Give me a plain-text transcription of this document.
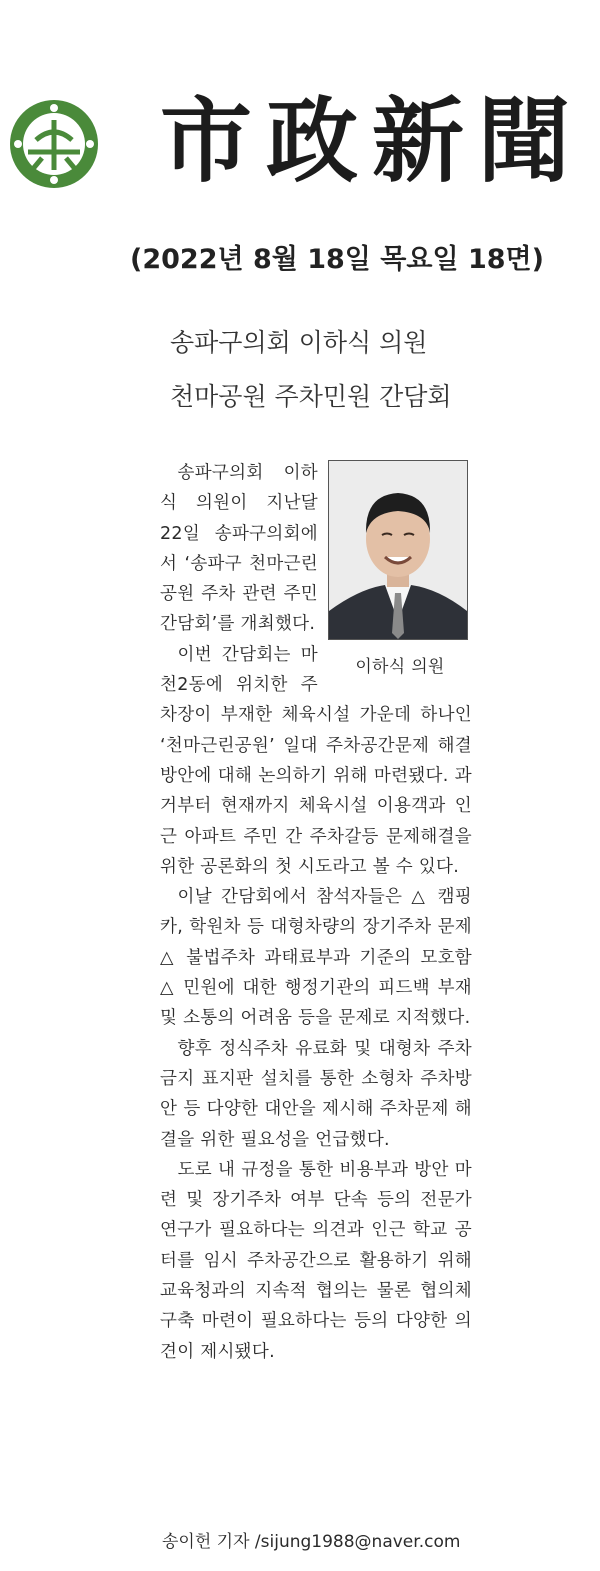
市政新聞
(2022년 8월 18일 목요일 18면)
송파구의회 이하식 의원
천마공원 주차민원 간담회
이하식 의원

송파구의회 이하식 의원이 지난달 22일 송파구의회에서 ‘송파구 천마근린공원 주차 관련 주민간담회’를 개최했다.

이번 간담회는 마천2동에 위치한 주차장이 부재한 체육시설 가운데 하나인 ‘천마근린공원’ 일대 주차공간문제 해결방안에 대해 논의하기 위해 마련됐다. 과거부터 현재까지 체육시설 이용객과 인근 아파트 주민 간 주차갈등 문제해결을 위한 공론화의 첫 시도라고 볼 수 있다.

이날 간담회에서 참석자들은 △ 캠핑카, 학원차 등 대형차량의 장기주차 문제 △ 불법주차 과태료부과 기준의 모호함 △ 민원에 대한 행정기관의 피드백 부재 및 소통의 어려움 등을 문제로 지적했다.

향후 정식주차 유료화 및 대형차 주차금지 표지판 설치를 통한 소형차 주차방안 등 다양한 대안을 제시해 주차문제 해결을 위한 필요성을 언급했다.

도로 내 규정을 통한 비용부과 방안 마련 및 장기주차 여부 단속 등의 전문가 연구가 필요하다는 의견과 인근 학교 공터를 임시 주차공간으로 활용하기 위해 교육청과의 지속적 협의는 물론 협의체 구축 마련이 필요하다는 등의 다양한 의견이 제시됐다.

송이헌 기자 /sijung1988@naver.com
